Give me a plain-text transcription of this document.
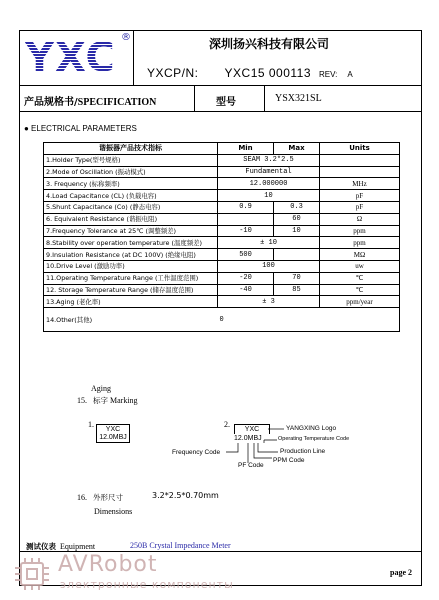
YXC ®	深圳扬兴科技有限公司
YXCP/N: YXC15 000113 REV: A
产品规格书/SPECIFICATION	型号	YSX321SL
● ELECTRICAL PARAMETERS
谐振器产品技术指标	Min	Max	Units
1.Holder Type(型号规格)	SEAM 3.2*2.5		
2.Mode of Oscillation (振动模式)	Fundamental		
3. Frequency (标称频率)	12.000000		MHz
4.Load Capacitance (CL) (负载电容)	10		pF
5.Shunt Capacitance (Co) (静态电容)	0.9	0.3	pF
6. Equivalent Resistance (谐振电阻)		60	Ω
7.Frequency Tolerance at 25℃ (调整频差)	-10	10	ppm
8.Stability over operation temperature (温度频差)	± 10		ppm
9.Insulation Resistance (at DC 100V) (绝缘电阻)	500		MΩ
10.Drive Level (激励功率)	100		uw
11.Operating Temperature Range (工作温度范围)	-20	70	℃
12. Storage Temperature Range (储存温度范围)	-40	85	℃
13.Aging (老化率)	± 3		ppm/year
14.Other(其他)	0		
Aging
15. 标字 Marking
1.
YXC
12.0MBJ
2.
YXC
12.0MBJ
YANGXING Logo
Operating Temperature Code
Production Line
Frequency Code
PPM Code
PF Code
16. 外形尺寸
Dimensions
3.2*2.5*0.70mm
测试仪表 Equipment	250B Crystal Impedance Meter
page 2
AVRobot
электронные компоненты
